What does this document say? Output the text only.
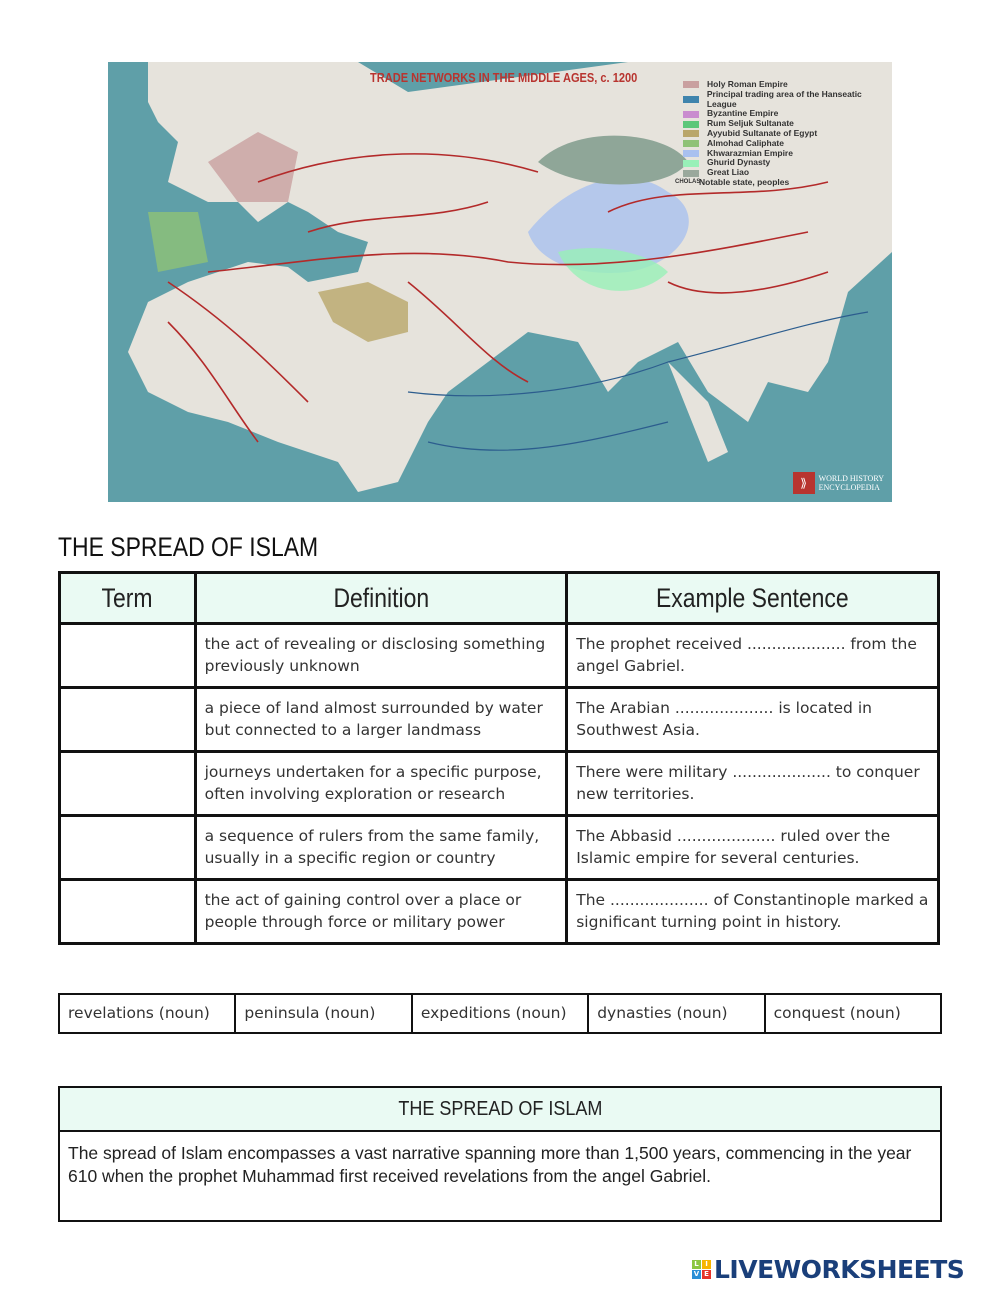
TRADE NETWORKS IN THE MIDDLE AGES, c. 1200	Holy Roman Empire
Principal trading area of the Hanseatic League
Byzantine Empire
Rum Seljuk Sultanate
Ayyubid Sultanate of Egypt
Almohad Caliphate
Khwarazmian Empire
Ghurid Dynasty
Great Liao
CHOLAS
Notable state, peoples
⟫	WORLD HISTORY
ENCYCLOPEDIA
THE SPREAD OF ISLAM
Term	Definition	Example Sentence
	the act of revealing or disclosing something previously unknown	The prophet received .................... from the angel Gabriel.
	a piece of land almost surrounded by water but connected to a larger landmass	The Arabian .................... is located in Southwest Asia.
	journeys undertaken for a specific purpose, often involving exploration or research	There were military .................... to conquer new territories.
	a sequence of rulers from the same family, usually in a specific region or country	The Abbasid .................... ruled over the Islamic empire for several centuries.
	the act of gaining control over a place or people through force or military power	The .................... of Constantinople marked a significant turning point in history.
revelations (noun)	peninsula (noun)	expeditions (noun)	dynasties (noun)	conquest (noun)
THE SPREAD OF ISLAM
The spread of Islam encompasses a vast narrative spanning more than 1,500 years, commencing in the year 610 when the prophet Muhammad first received revelations from the angel Gabriel.
L I
V E LIVEWORKSHEETS
